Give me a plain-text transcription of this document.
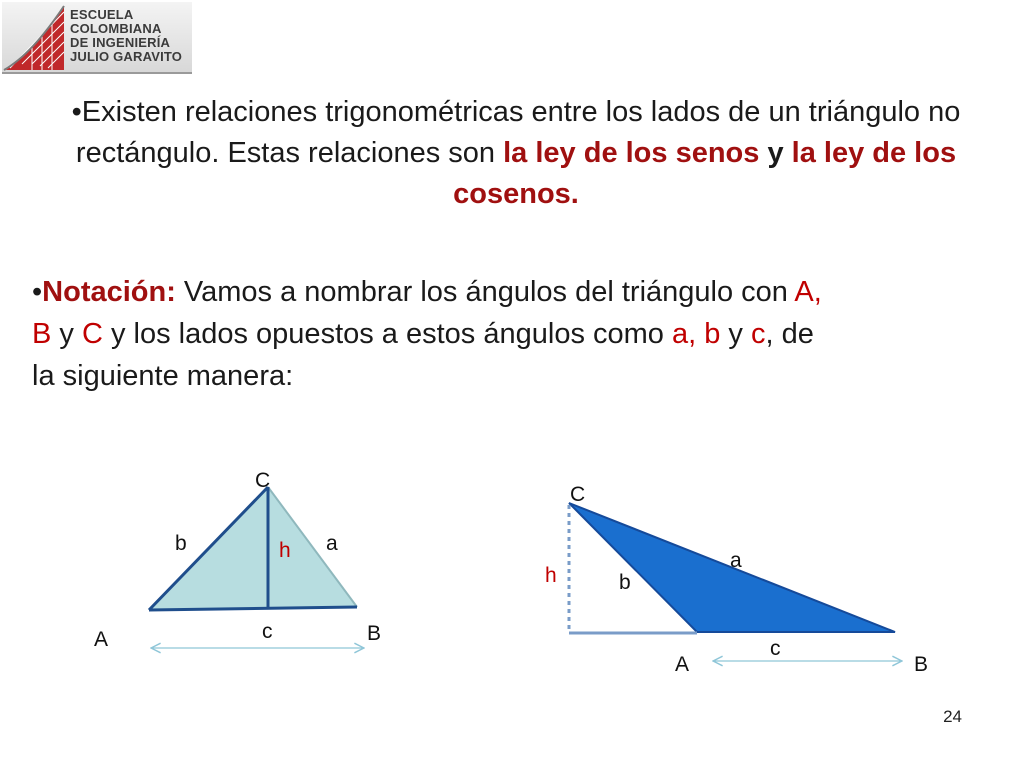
ESCUELA
COLOMBIANA
DE INGENIERÍA
JULIO GARAVITO
•Existen relaciones trigonométricas entre los lados de un triángulo no rectángulo. Estas relaciones son la ley de los senos y la ley de los cosenos.
•Notación: Vamos a nombrar los ángulos del triángulo con A, B y C y los lados opuestos a estos ángulos como a, b y c, de la siguiente manera:
C
b	a
h
c	B
A
C
h
a
b
c
A	B
24
